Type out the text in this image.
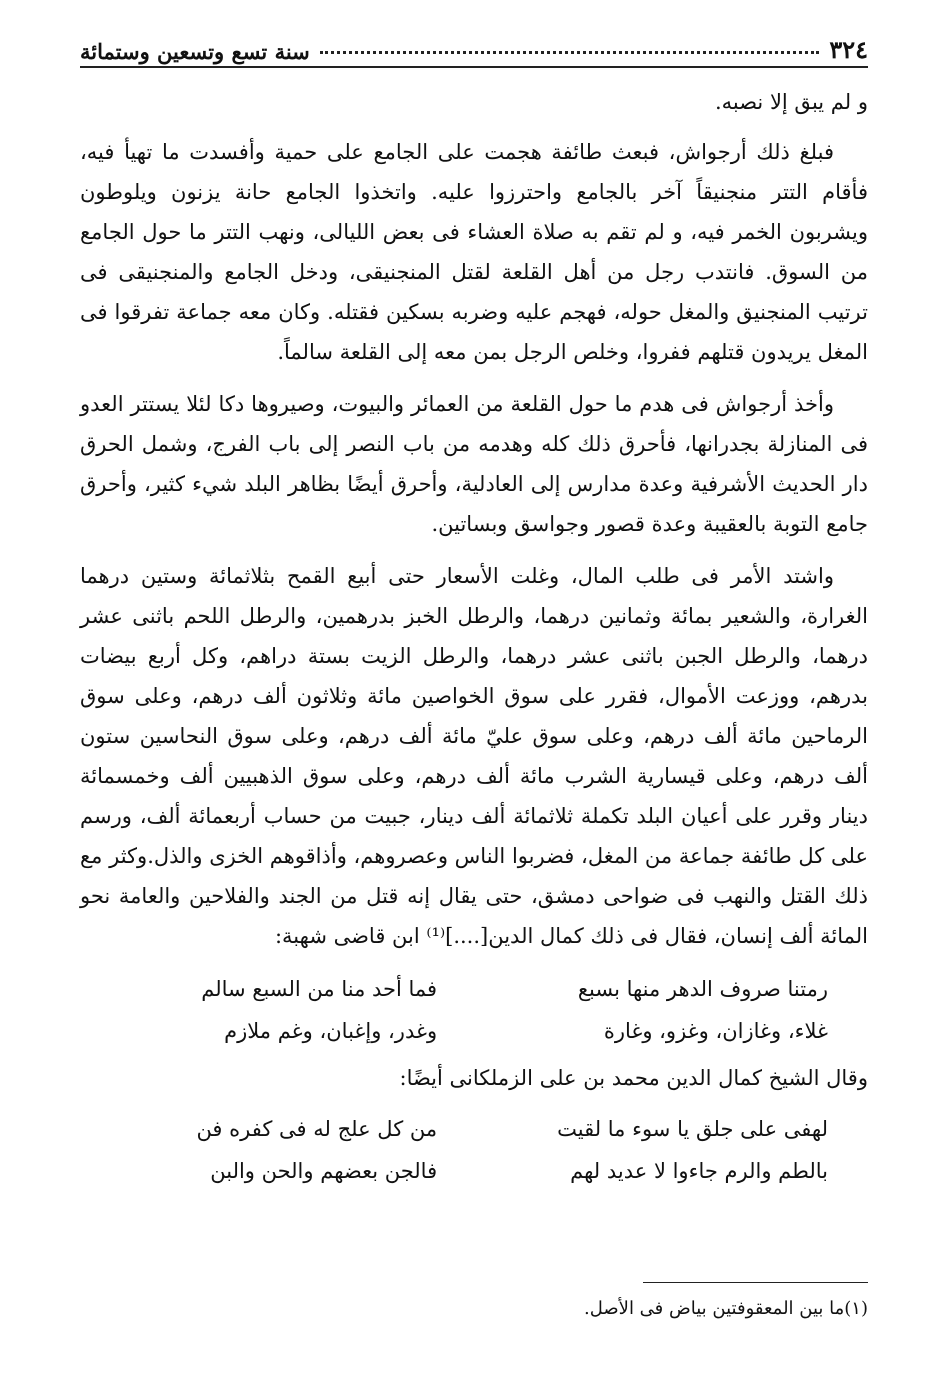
٣٢٤
سنة تسع وتسعين وستمائة

و لم يبق إلا نصبه.

فبلغ ذلك أرجواش، فبعث طائفة هجمت على الجامع على حمية وأفسدت ما تهيأ فيه، فأقام التتر منجنيقاً آخر بالجامع واحترزوا عليه. واتخذوا الجامع حانة يزنون ويلوطون ويشربون الخمر فيه، و لم تقم به صلاة العشاء فى بعض الليالى، ونهب التتر ما حول الجامع من السوق. فانتدب رجل من أهل القلعة لقتل المنجنيقى، ودخل الجامع والمنجنيقى فى ترتيب المنجنيق والمغل حوله، فهجم عليه وضربه بسكين فقتله. وكان معه جماعة تفرقوا فى المغل يريدون قتلهم ففروا، وخلص الرجل بمن معه إلى القلعة سالماً.

وأخذ أرجواش فى هدم ما حول القلعة من العمائر والبيوت، وصيروها دكا لئلا يستتر العدو فى المنازلة بجدرانها، فأحرق ذلك كله وهدمه من باب النصر إلى باب الفرج، وشمل الحرق دار الحديث الأشرفية وعدة مدارس إلى العادلية، وأحرق أيضًا بظاهر البلد شيء كثير، وأحرق جامع التوبة بالعقيبة وعدة قصور وجواسق وبساتين.

واشتد الأمر فى طلب المال، وغلت الأسعار حتى أبيع القمح بثلاثمائة وستين درهما الغرارة، والشعير بمائة وثمانين درهما، والرطل الخبز بدرهمين، والرطل اللحم باثنى عشر درهما، والرطل الجبن باثنى عشر درهما، والرطل الزيت بستة دراهم، وكل أربع بيضات بدرهم، ووزعت الأموال، فقرر على سوق الخواصين مائة وثلاثون ألف درهم، وعلى سوق الرماحين مائة ألف درهم، وعلى سوق عليّ مائة ألف درهم، وعلى سوق النحاسين ستون ألف درهم، وعلى قيسارية الشرب مائة ألف درهم، وعلى سوق الذهبيين ألف وخمسمائة دينار وقرر على أعيان البلد تكملة ثلاثمائة ألف دينار، جبيت من حساب أربعمائة ألف، ورسم على كل طائفة جماعة من المغل، فضربوا الناس وعصروهم، وأذاقوهم الخزى والذل.وكثر مع ذلك القتل والنهب فى ضواحى دمشق، حتى يقال إنه قتل من الجند والفلاحين والعامة نحو المائة ألف إنسان، فقال فى ذلك كمال الدين[....]⁽¹⁾ ابن قاضى شهبة:

رمتنا صروف الدهر منها بسبع
فما أحد منا من السبع سالم
غلاء، وغازان، وغزو، وغارة
وغدر، وإغبان، وغم ملازم

وقال الشيخ كمال الدين محمد بن على الزملكانى أيضًا:

لهفى على جلق يا سوء ما لقيت
من كل علج له فى كفره فن
بالطم والرم جاءوا لا عديد لهم
فالجن بعضهم والحن والبن
(١)ما بين المعقوفتين بياض فى الأصل.
